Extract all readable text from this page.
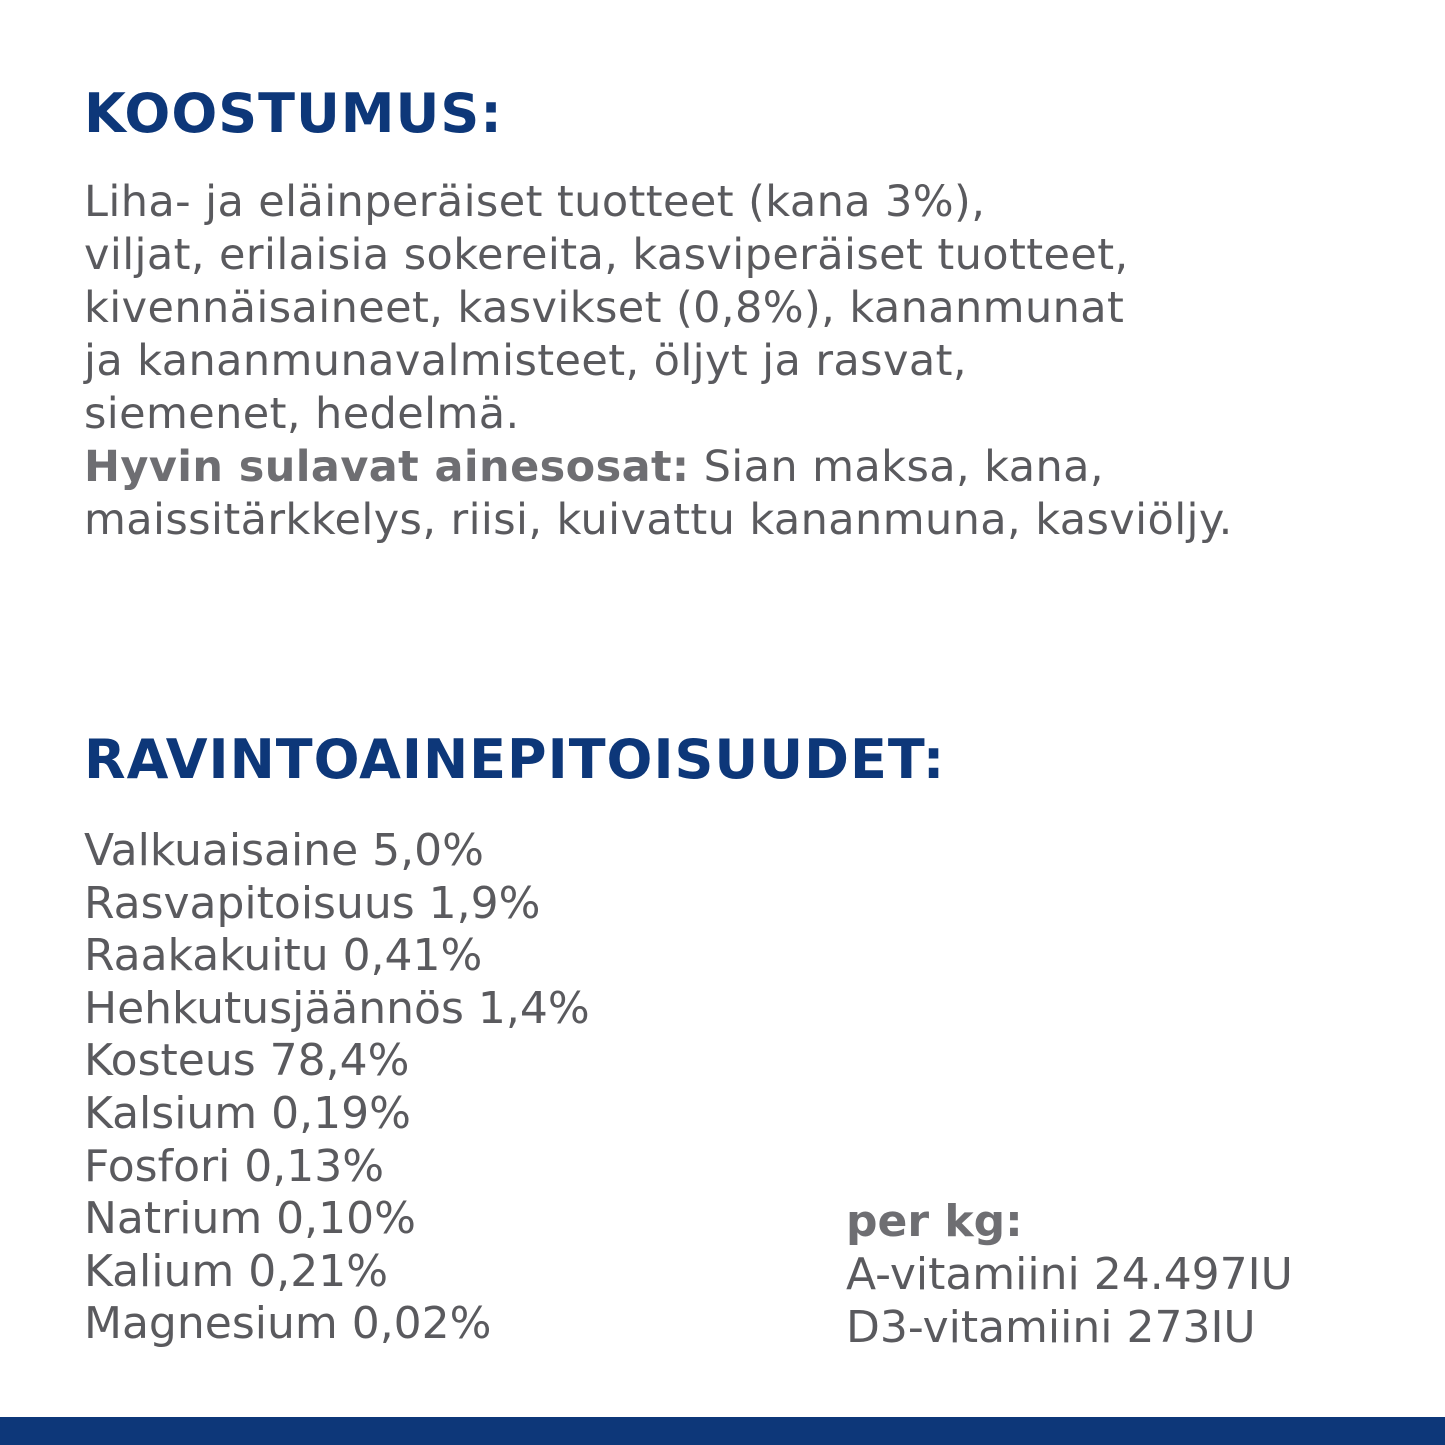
KOOSTUMUS:
Liha- ja eläinperäiset tuotteet (kana 3%),
viljat, erilaisia sokereita, kasviperäiset tuotteet,
kivennäisaineet, kasvikset (0,8%), kananmunat
ja kananmunavalmisteet, öljyt ja rasvat,
siemenet, hedelmä.
Hyvin sulavat ainesosat: Sian maksa, kana,
maissitärkkelys, riisi, kuivattu kananmuna, kasviöljy.
RAVINTOAINEPITOISUUDET:
Valkuaisaine 5,0%
Rasvapitoisuus 1,9%
Raakakuitu 0,41%
Hehkutusjäännös 1,4%
Kosteus 78,4%
Kalsium 0,19%
Fosfori 0,13%
Natrium 0,10%
Kalium 0,21%
Magnesium 0,02%
per kg:
A-vitamiini 24.497IU
D3-vitamiini 273IU
